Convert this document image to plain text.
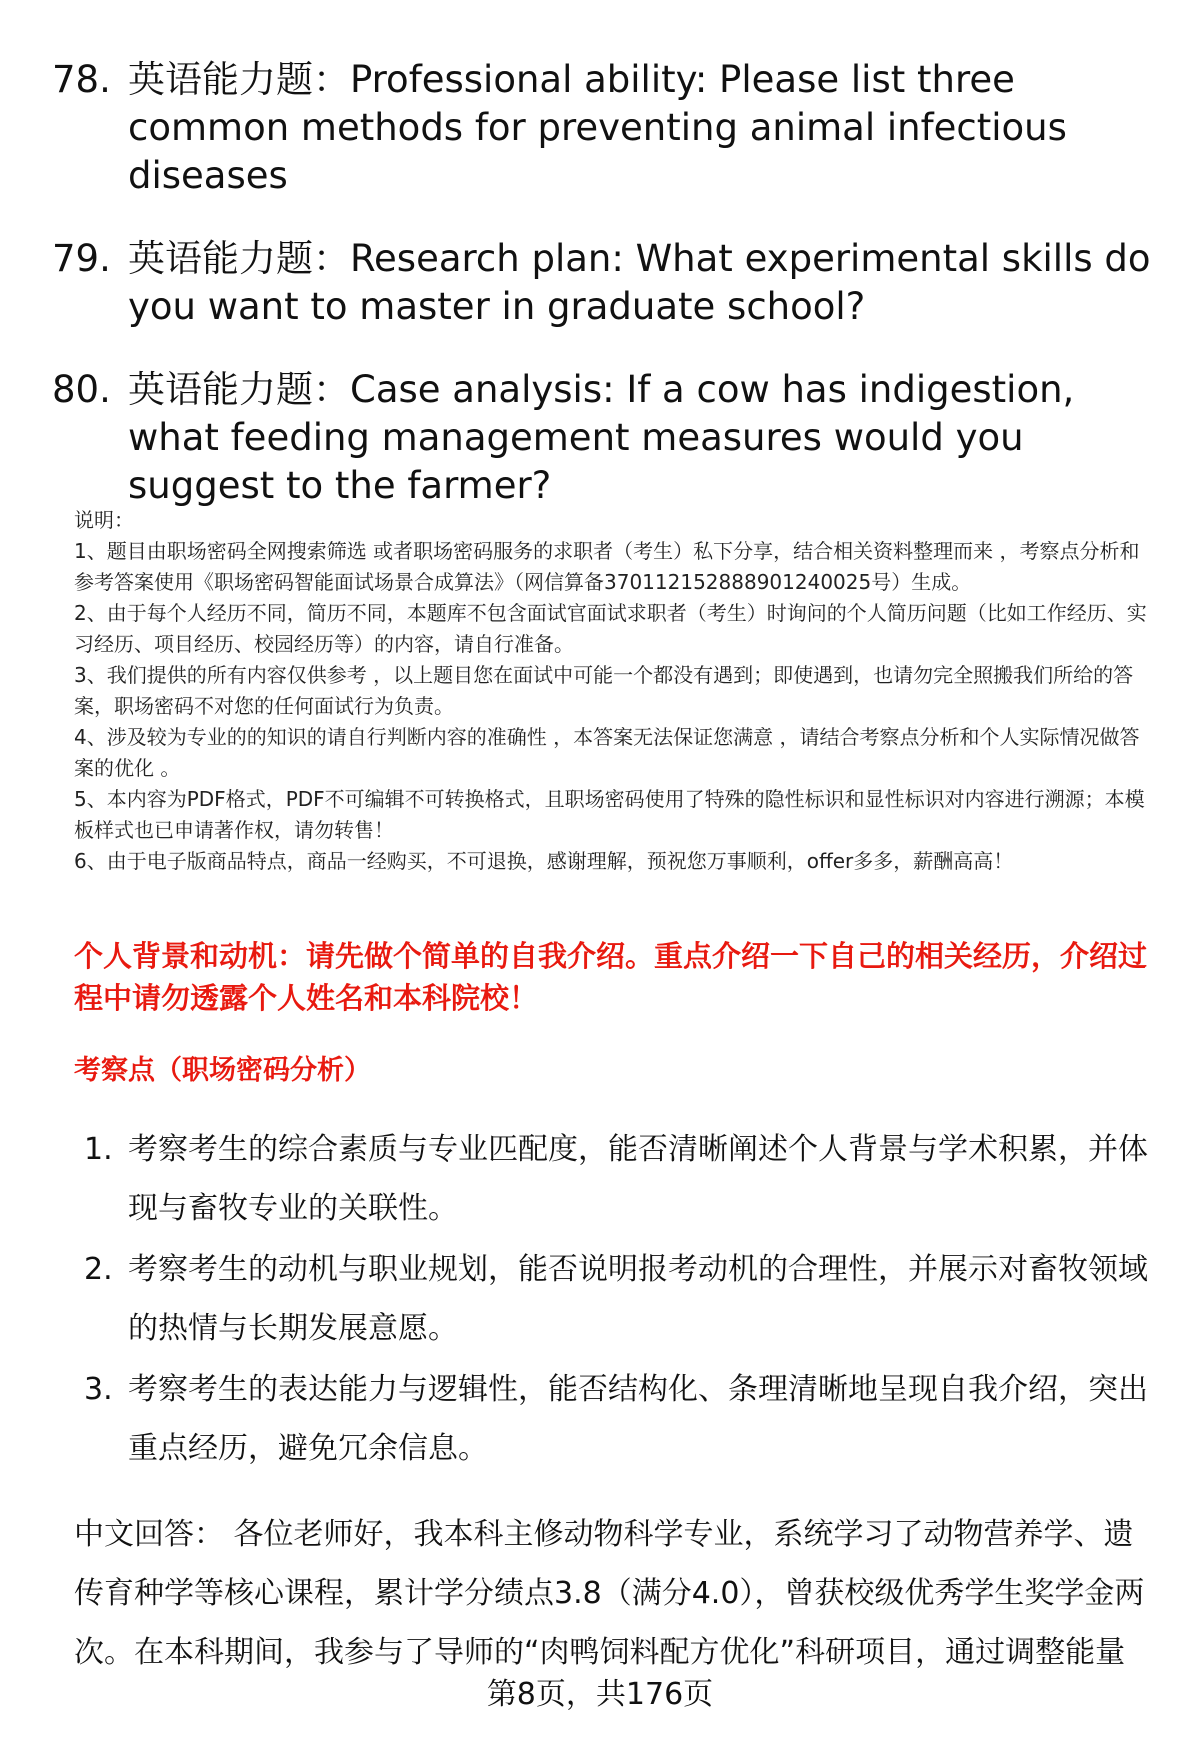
78. 英语能力题：Professional ability: Please list three common methods for preventing animal infectious diseases
79. 英语能力题：Research plan: What experimental skills do you want to master in graduate school?
80. 英语能力题：Case analysis: If a cow has indigestion, what feeding management measures would you suggest to the farmer?

说明：

1、题目由职场密码全网搜索筛选 或者职场密码服务的求职者（考生）私下分享，结合相关资料整理而来 ，考察点分析和参考答案使用《职场密码智能面试场景合成算法》（网信算备370112152888901240025号）生成。

2、由于每个人经历不同，简历不同，本题库不包含面试官面试求职者（考生）时询问的个人简历问题（比如工作经历、实习经历、项目经历、校园经历等）的内容，请自行准备。

3、我们提供的所有内容仅供参考 ，以上题目您在面试中可能一个都没有遇到；即使遇到，也请勿完全照搬我们所给的答案，职场密码不对您的任何面试行为负责。

4、涉及较为专业的的知识的请自行判断内容的准确性 ，本答案无法保证您满意 ，请结合考察点分析和个人实际情况做答案的优化 。

5、本内容为PDF格式，PDF不可编辑不可转换格式，且职场密码使用了特殊的隐性标识和显性标识对内容进行溯源；本模板样式也已申请著作权，请勿转售！

6、由于电子版商品特点，商品一经购买，不可退换，感谢理解，预祝您万事顺利，offer多多，薪酬高高！

个人背景和动机：请先做个简单的自我介绍。重点介绍一下自己的相关经历，介绍过程中请勿透露个人姓名和本科院校！
考察点（职场密码分析）
1. 考察考生的综合素质与专业匹配度，能否清晰阐述个人背景与学术积累，并体现与畜牧专业的关联性。
2. 考察考生的动机与职业规划，能否说明报考动机的合理性，并展示对畜牧领域的热情与长期发展意愿。
3. 考察考生的表达能力与逻辑性，能否结构化、条理清晰地呈现自我介绍，突出重点经历，避免冗余信息。
中文回答： 各位老师好，我本科主修动物科学专业，系统学习了动物营养学、遗传育种学等核心课程，累计学分绩点3.8（满分4.0），曾获校级优秀学生奖学金两次。在本科期间，我参与了导师的“肉鸭饲料配方优化”科研项目，通过调整能量
第8页，共176页
